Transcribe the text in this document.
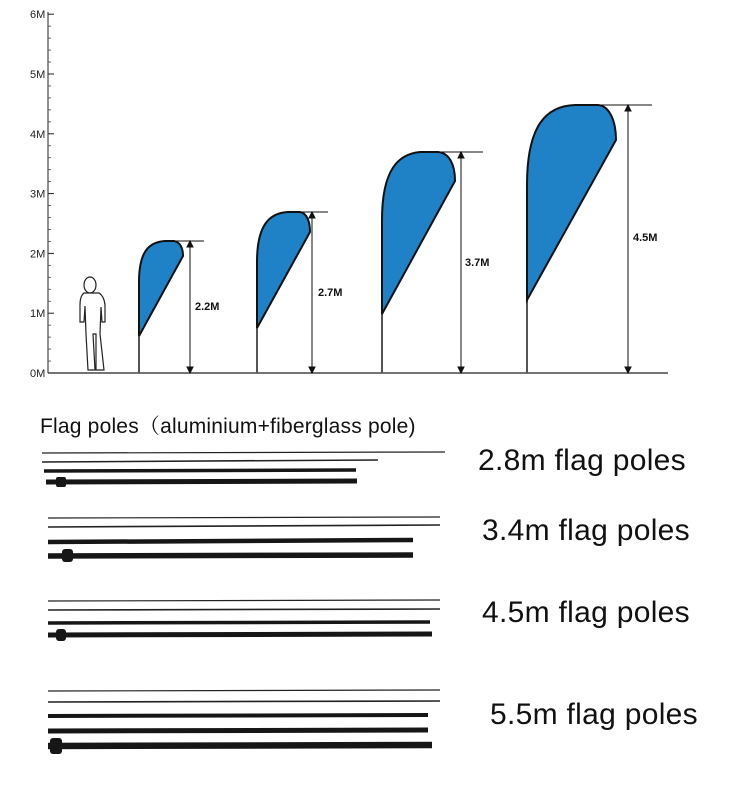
0M
1M
2M
3M
4M
5M
6M
2.2M
2.7M
3.7M
4.5M
Flag poles（aluminium+fiberglass pole)
2.8m flag poles
3.4m flag poles
4.5m flag poles
5.5m flag poles
